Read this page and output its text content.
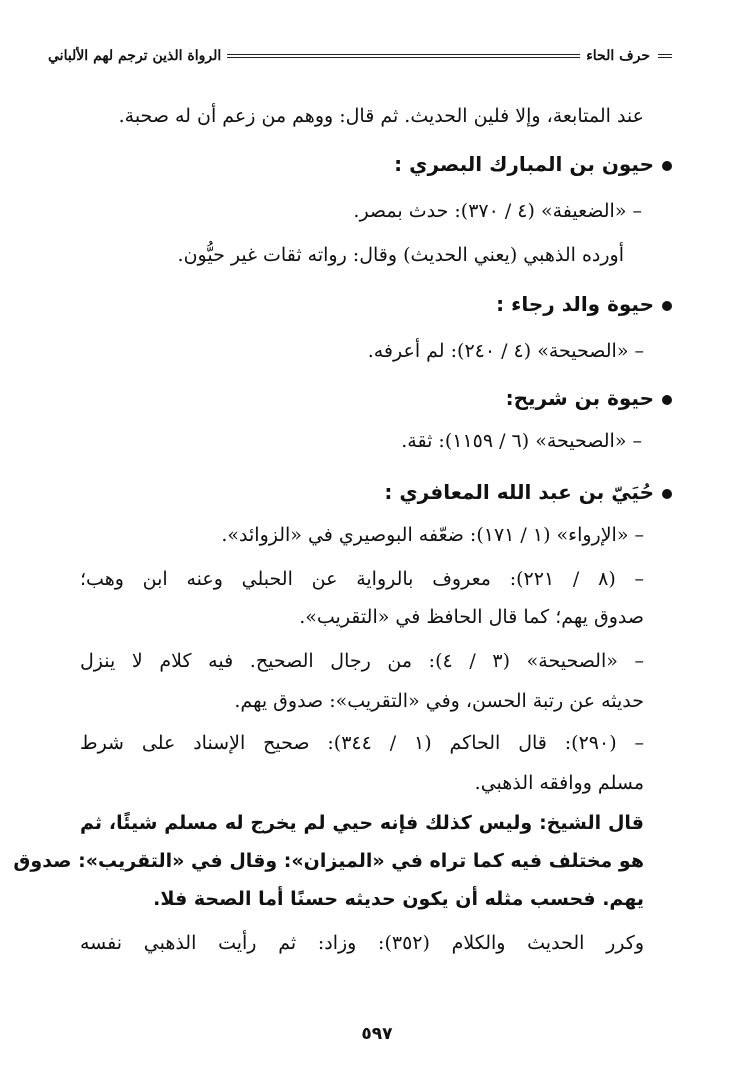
حرف الحاء
الرواة الذين ترجم لهم الألباني
عند المتابعة، وإلا فلين الحديث. ثم قال: ووهم من زعم أن له صحبة.
حيون بن المبارك البصري :
– «الضعيفة» (٤ / ٣٧٠): حدث بمصر.
أورده الذهبي (يعني الحديث) وقال: رواته ثقات غير حيُّون.
حيوة والد رجاء :
– «الصحيحة» (٤ / ٢٤٠): لم أعرفه.
حيوة بن شريح:
– «الصحيحة» (٦ / ١١٥٩): ثقة.
حُيَيّ بن عبد الله المعافري :
– «الإرواء» (١ / ١٧١): ضعّفه البوصيري في «الزوائد».
– (٨ / ٢٢١): معروف بالرواية عن الحبلي وعنه ابن وهب؛
صدوق يهم؛ كما قال الحافظ في «التقريب».
– «الصحيحة» (٣ / ٤): من رجال الصحيح. فيه كلام لا ينزل
حديثه عن رتبة الحسن، وفي «التقريب»: صدوق يهم.
– (٢٩٠): قال الحاكم (١ / ٣٤٤): صحيح الإسناد على شرط
مسلم ووافقه الذهبي.
قال الشيخ: وليس كذلك فإنه حيي لم يخرج له مسلم شيئًا، ثم
هو مختلف فيه كما تراه في «الميزان»: وقال في «التقريب»: صدوق
يهم. فحسب مثله أن يكون حديثه حسنًا أما الصحة فلا.
وكرر الحديث والكلام (٣٥٢): وزاد: ثم رأيت الذهبي نفسه
٥٩٧
